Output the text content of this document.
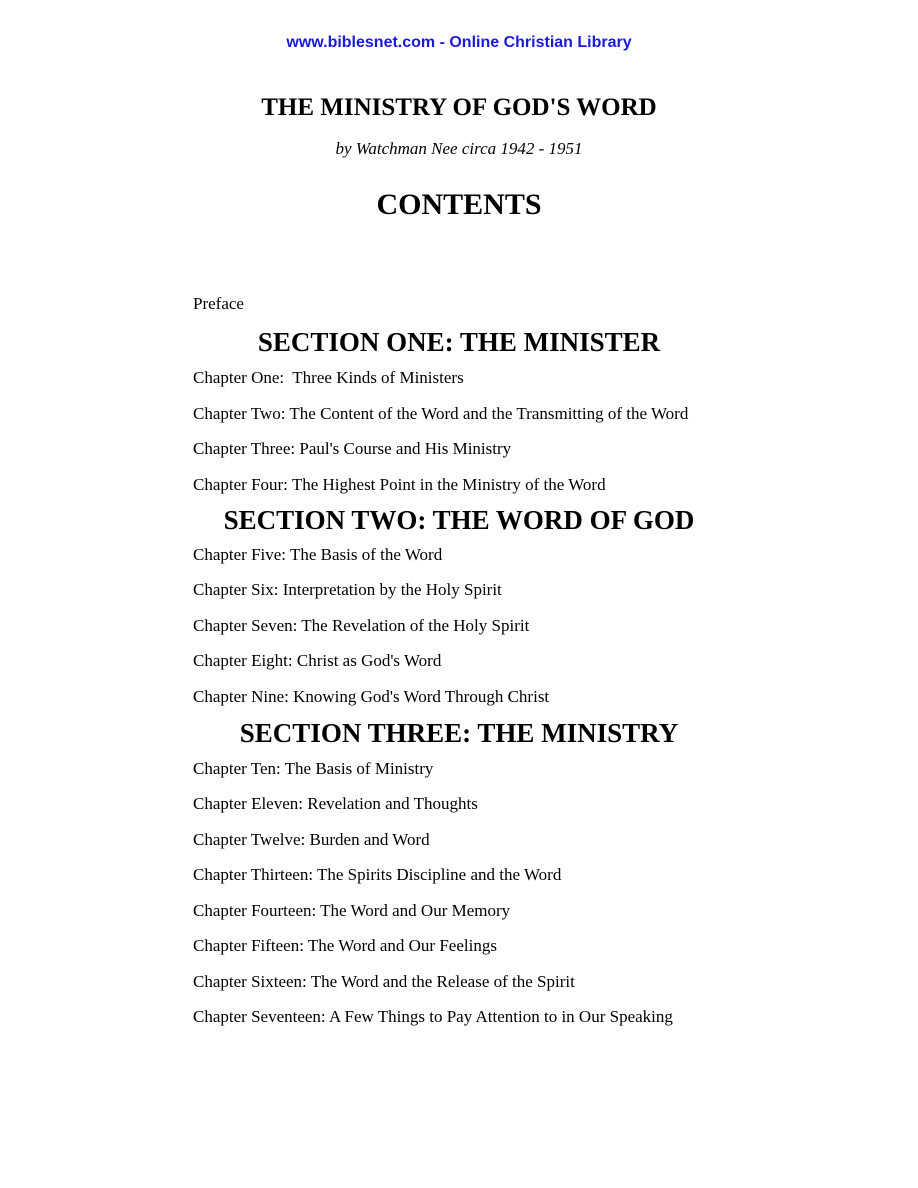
www.biblesnet.com - Online Christian Library
THE MINISTRY OF GOD'S WORD
by Watchman Nee circa 1942 - 1951
CONTENTS
Preface
SECTION ONE: THE MINISTER
Chapter One:  Three Kinds of Ministers
Chapter Two: The Content of the Word and the Transmitting of the Word
Chapter Three: Paul's Course and His Ministry
Chapter Four: The Highest Point in the Ministry of the Word
SECTION TWO: THE WORD OF GOD
Chapter Five: The Basis of the Word
Chapter Six: Interpretation by the Holy Spirit
Chapter Seven: The Revelation of the Holy Spirit
Chapter Eight: Christ as God's Word
Chapter Nine: Knowing God's Word Through Christ
SECTION THREE: THE MINISTRY
Chapter Ten: The Basis of Ministry
Chapter Eleven: Revelation and Thoughts
Chapter Twelve: Burden and Word
Chapter Thirteen: The Spirits Discipline and the Word
Chapter Fourteen: The Word and Our Memory
Chapter Fifteen: The Word and Our Feelings
Chapter Sixteen: The Word and the Release of the Spirit
Chapter Seventeen: A Few Things to Pay Attention to in Our Speaking
